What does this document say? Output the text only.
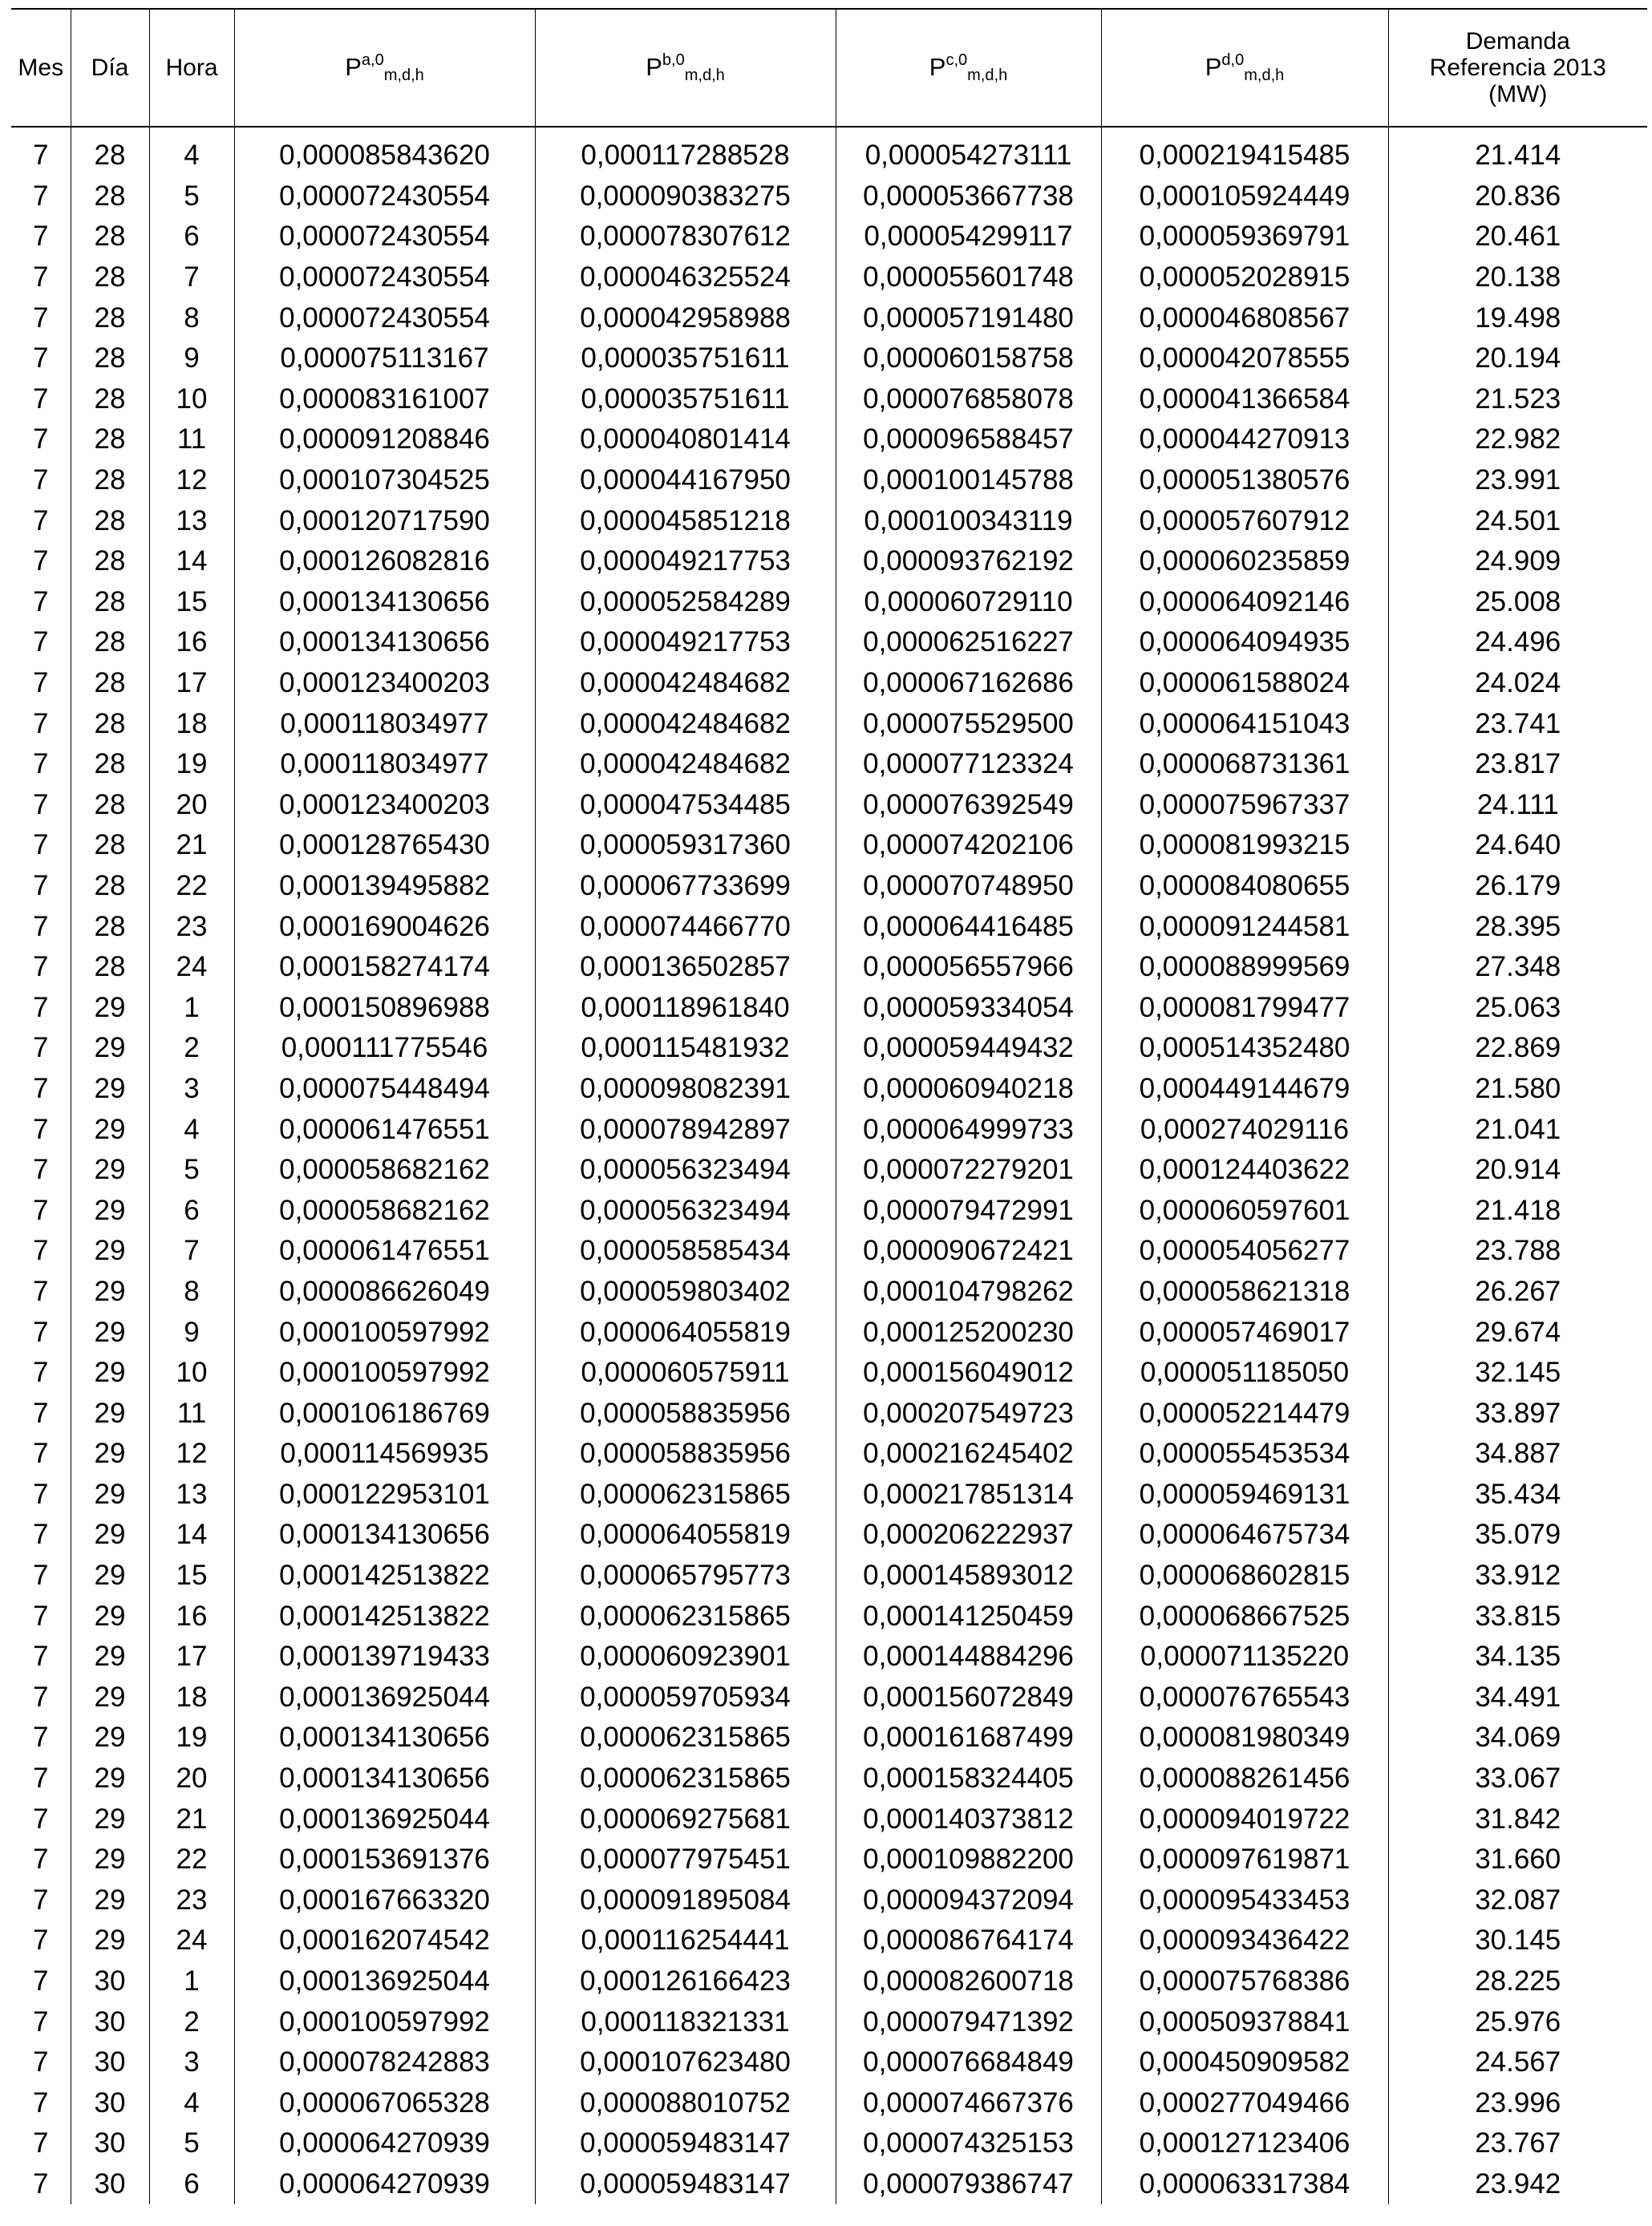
Mes	Día	Hora	P$^{a,0}_{m,d,h}$	P$^{b,0}_{m,d,h}$	P$^{c,0}_{m,d,h}$	P$^{d,0}_{m,d,h}$	Demanda
Referencia 2013
(MW)

7	28	4	0,000085843620	0,000117288528	0,000054273111	0,000219415485	21.414
7	28	5	0,000072430554	0,000090383275	0,000053667738	0,000105924449	20.836
7	28	6	0,000072430554	0,000078307612	0,000054299117	0,000059369791	20.461
7	28	7	0,000072430554	0,000046325524	0,000055601748	0,000052028915	20.138
7	28	8	0,000072430554	0,000042958988	0,000057191480	0,000046808567	19.498
7	28	9	0,000075113167	0,000035751611	0,000060158758	0,000042078555	20.194
7	28	10	0,000083161007	0,000035751611	0,000076858078	0,000041366584	21.523
7	28	11	0,000091208846	0,000040801414	0,000096588457	0,000044270913	22.982
7	28	12	0,000107304525	0,000044167950	0,000100145788	0,000051380576	23.991
7	28	13	0,000120717590	0,000045851218	0,000100343119	0,000057607912	24.501
7	28	14	0,000126082816	0,000049217753	0,000093762192	0,000060235859	24.909
7	28	15	0,000134130656	0,000052584289	0,000060729110	0,000064092146	25.008
7	28	16	0,000134130656	0,000049217753	0,000062516227	0,000064094935	24.496
7	28	17	0,000123400203	0,000042484682	0,000067162686	0,000061588024	24.024
7	28	18	0,000118034977	0,000042484682	0,000075529500	0,000064151043	23.741
7	28	19	0,000118034977	0,000042484682	0,000077123324	0,000068731361	23.817
7	28	20	0,000123400203	0,000047534485	0,000076392549	0,000075967337	24.111
7	28	21	0,000128765430	0,000059317360	0,000074202106	0,000081993215	24.640
7	28	22	0,000139495882	0,000067733699	0,000070748950	0,000084080655	26.179
7	28	23	0,000169004626	0,000074466770	0,000064416485	0,000091244581	28.395
7	28	24	0,000158274174	0,000136502857	0,000056557966	0,000088999569	27.348
7	29	1	0,000150896988	0,000118961840	0,000059334054	0,000081799477	25.063
7	29	2	0,000111775546	0,000115481932	0,000059449432	0,000514352480	22.869
7	29	3	0,000075448494	0,000098082391	0,000060940218	0,000449144679	21.580
7	29	4	0,000061476551	0,000078942897	0,000064999733	0,000274029116	21.041
7	29	5	0,000058682162	0,000056323494	0,000072279201	0,000124403622	20.914
7	29	6	0,000058682162	0,000056323494	0,000079472991	0,000060597601	21.418
7	29	7	0,000061476551	0,000058585434	0,000090672421	0,000054056277	23.788
7	29	8	0,000086626049	0,000059803402	0,000104798262	0,000058621318	26.267
7	29	9	0,000100597992	0,000064055819	0,000125200230	0,000057469017	29.674
7	29	10	0,000100597992	0,000060575911	0,000156049012	0,000051185050	32.145
7	29	11	0,000106186769	0,000058835956	0,000207549723	0,000052214479	33.897
7	29	12	0,000114569935	0,000058835956	0,000216245402	0,000055453534	34.887
7	29	13	0,000122953101	0,000062315865	0,000217851314	0,000059469131	35.434
7	29	14	0,000134130656	0,000064055819	0,000206222937	0,000064675734	35.079
7	29	15	0,000142513822	0,000065795773	0,000145893012	0,000068602815	33.912
7	29	16	0,000142513822	0,000062315865	0,000141250459	0,000068667525	33.815
7	29	17	0,000139719433	0,000060923901	0,000144884296	0,000071135220	34.135
7	29	18	0,000136925044	0,000059705934	0,000156072849	0,000076765543	34.491
7	29	19	0,000134130656	0,000062315865	0,000161687499	0,000081980349	34.069
7	29	20	0,000134130656	0,000062315865	0,000158324405	0,000088261456	33.067
7	29	21	0,000136925044	0,000069275681	0,000140373812	0,000094019722	31.842
7	29	22	0,000153691376	0,000077975451	0,000109882200	0,000097619871	31.660
7	29	23	0,000167663320	0,000091895084	0,000094372094	0,000095433453	32.087
7	29	24	0,000162074542	0,000116254441	0,000086764174	0,000093436422	30.145
7	30	1	0,000136925044	0,000126166423	0,000082600718	0,000075768386	28.225
7	30	2	0,000100597992	0,000118321331	0,000079471392	0,000509378841	25.976
7	30	3	0,000078242883	0,000107623480	0,000076684849	0,000450909582	24.567
7	30	4	0,000067065328	0,000088010752	0,000074667376	0,000277049466	23.996
7	30	5	0,000064270939	0,000059483147	0,000074325153	0,000127123406	23.767
7	30	6	0,000064270939	0,000059483147	0,000079386747	0,000063317384	23.942
